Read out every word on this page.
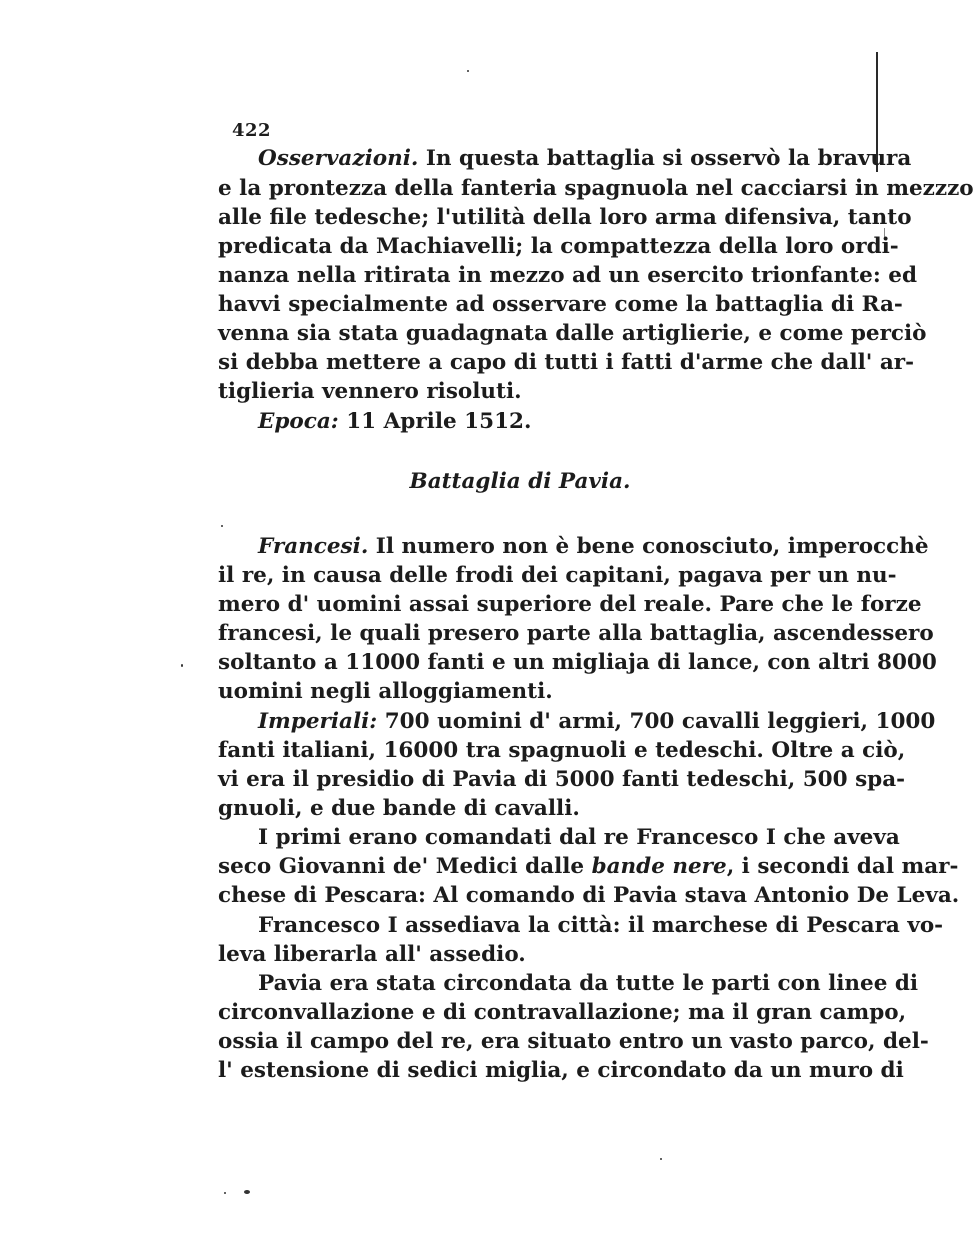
422
Osservazioni. In questa battaglia si osservò la bravura
e la prontezza della fanteria spagnuola nel cacciarsi in mezzzo
alle file tedesche; l'utilità della loro arma difensiva, tanto
predicata da Machiavelli; la compattezza della loro ordi-
nanza nella ritirata in mezzo ad un esercito trionfante: ed
havvi specialmente ad osservare come la battaglia di Ra-
venna sia stata guadagnata dalle artiglierie, e come perciò
si debba mettere a capo di tutti i fatti d'arme che dall' ar-
tiglieria vennero risoluti.
Epoca: 11 Aprile 1512.
Battaglia di Pavia.
Francesi. Il numero non è bene conosciuto, imperocchè
il re, in causa delle frodi dei capitani, pagava per un nu-
mero d' uomini assai superiore del reale. Pare che le forze
francesi, le quali presero parte alla battaglia, ascendessero
soltanto a 11000 fanti e un migliaja di lance, con altri 8000
uomini negli alloggiamenti.
Imperiali: 700 uomini d' armi, 700 cavalli leggieri, 1000
fanti italiani, 16000 tra spagnuoli e tedeschi. Oltre a ciò,
vi era il presidio di Pavia di 5000 fanti tedeschi, 500 spa-
gnuoli, e due bande di cavalli.
I primi erano comandati dal re Francesco I che aveva
seco Giovanni de' Medici dalle bande nere, i secondi dal mar-
chese di Pescara: Al comando di Pavia stava Antonio De Leva.
Francesco I assediava la città: il marchese di Pescara vo-
leva liberarla all' assedio.
Pavia era stata circondata da tutte le parti con linee di
circonvallazione e di contravallazione; ma il gran campo,
ossia il campo del re, era situato entro un vasto parco, del-
l' estensione di sedici miglia, e circondato da un muro di
